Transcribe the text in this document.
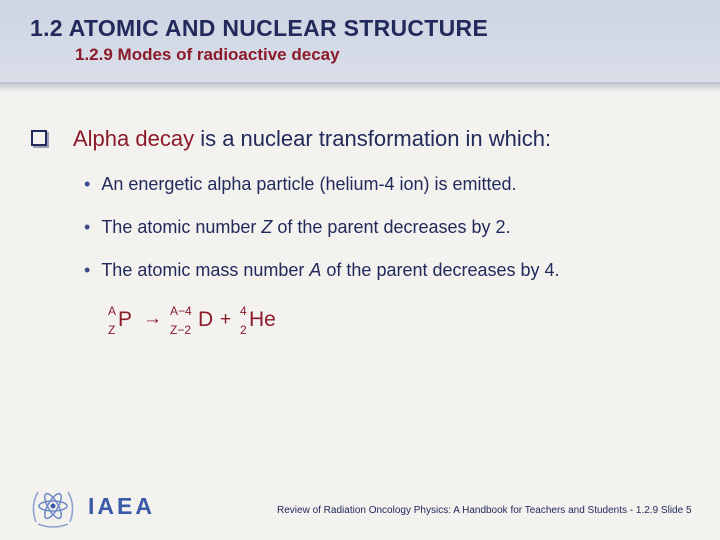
1.2 ATOMIC AND NUCLEAR STRUCTURE
1.2.9 Modes of radioactive decay
Alpha decay is a nuclear transformation in which:
• An energetic alpha particle (helium-4 ion) is emitted.
• The atomic number Z of the parent decreases by 2.
• The atomic mass number A of the parent decreases by 4.
A
Z P → A−4
Z−2 D + 4
2 He
IAEA	Review of Radiation Oncology Physics: A Handbook for Teachers and Students - 1.2.9 Slide 5
